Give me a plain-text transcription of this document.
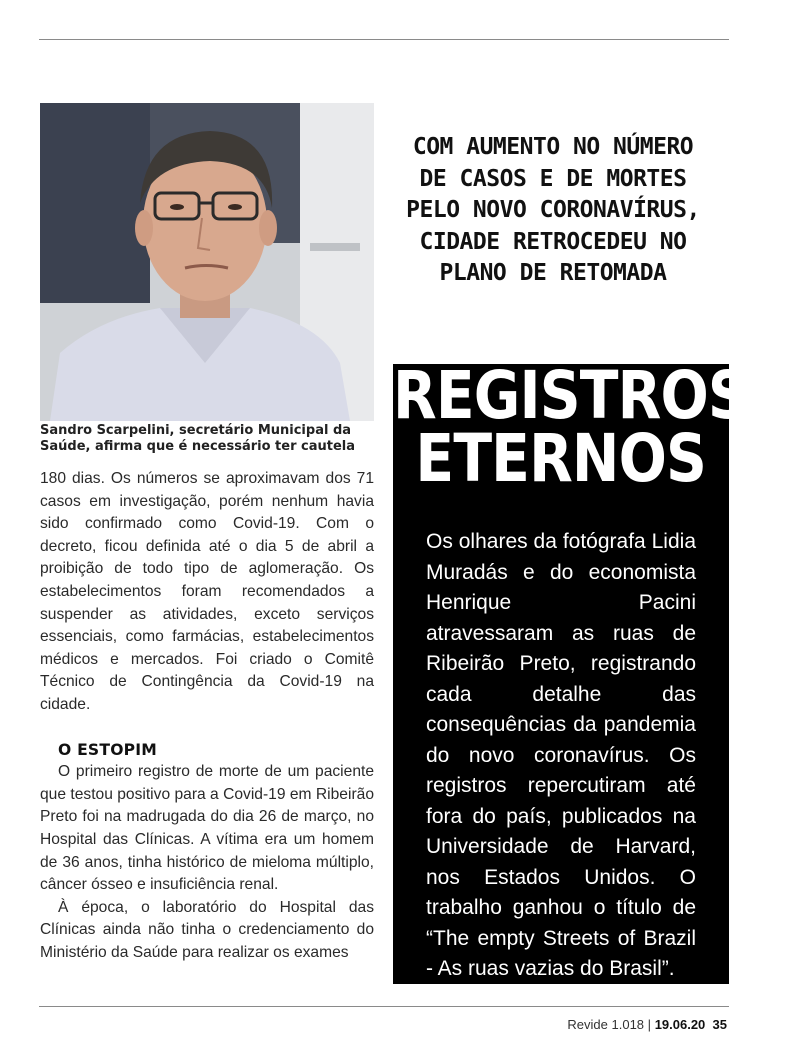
Sandro Scarpelini, secretário Municipal da Saúde, afirma que é necessário ter cautela

180 dias. Os números se aproximavam dos 71 casos em investigação, porém nenhum havia sido confirmado como Covid-19. Com o decreto, ficou definida até o dia 5 de abril a proibição de todo tipo de aglomeração. Os estabelecimentos foram recomendados a suspender as atividades, exceto serviços essenciais, como farmácias, estabelecimentos médicos e mercados. Foi criado o Comitê Técnico de Contingência da Covid-19 na cidade.

O ESTOPIM

O primeiro registro de morte de um paciente que testou positivo para a Covid-19 em Ribeirão Preto foi na madrugada do dia 26 de março, no Hospital das Clínicas. A vítima era um homem de 36 anos, tinha histórico de mieloma múltiplo, câncer ósseo e insuficiência renal.

À época, o laboratório do Hospital das Clínicas ainda não tinha o credenciamento do Ministério da Saúde para realizar os exames

COM AUMENTO NO NÚMERO
DE CASOS E DE MORTES
PELO NOVO CORONAVÍRUS,
CIDADE RETROCEDEU NO
PLANO DE RETOMADA
REGISTROS
ETERNOS
Os olhares da fotógrafa Lidia Muradás e do economista Henrique Pacini atravessaram as ruas de Ribeirão Preto, registrando cada detalhe das consequências da pandemia do novo coronavírus. Os registros repercutiram até fora do país, publicados na Universidade de Harvard, nos Estados Unidos. O trabalho ganhou o título de “The empty Streets of Brazil - As ruas vazias do Brasil”.
Revide 1.018 | 19.06.20 35
